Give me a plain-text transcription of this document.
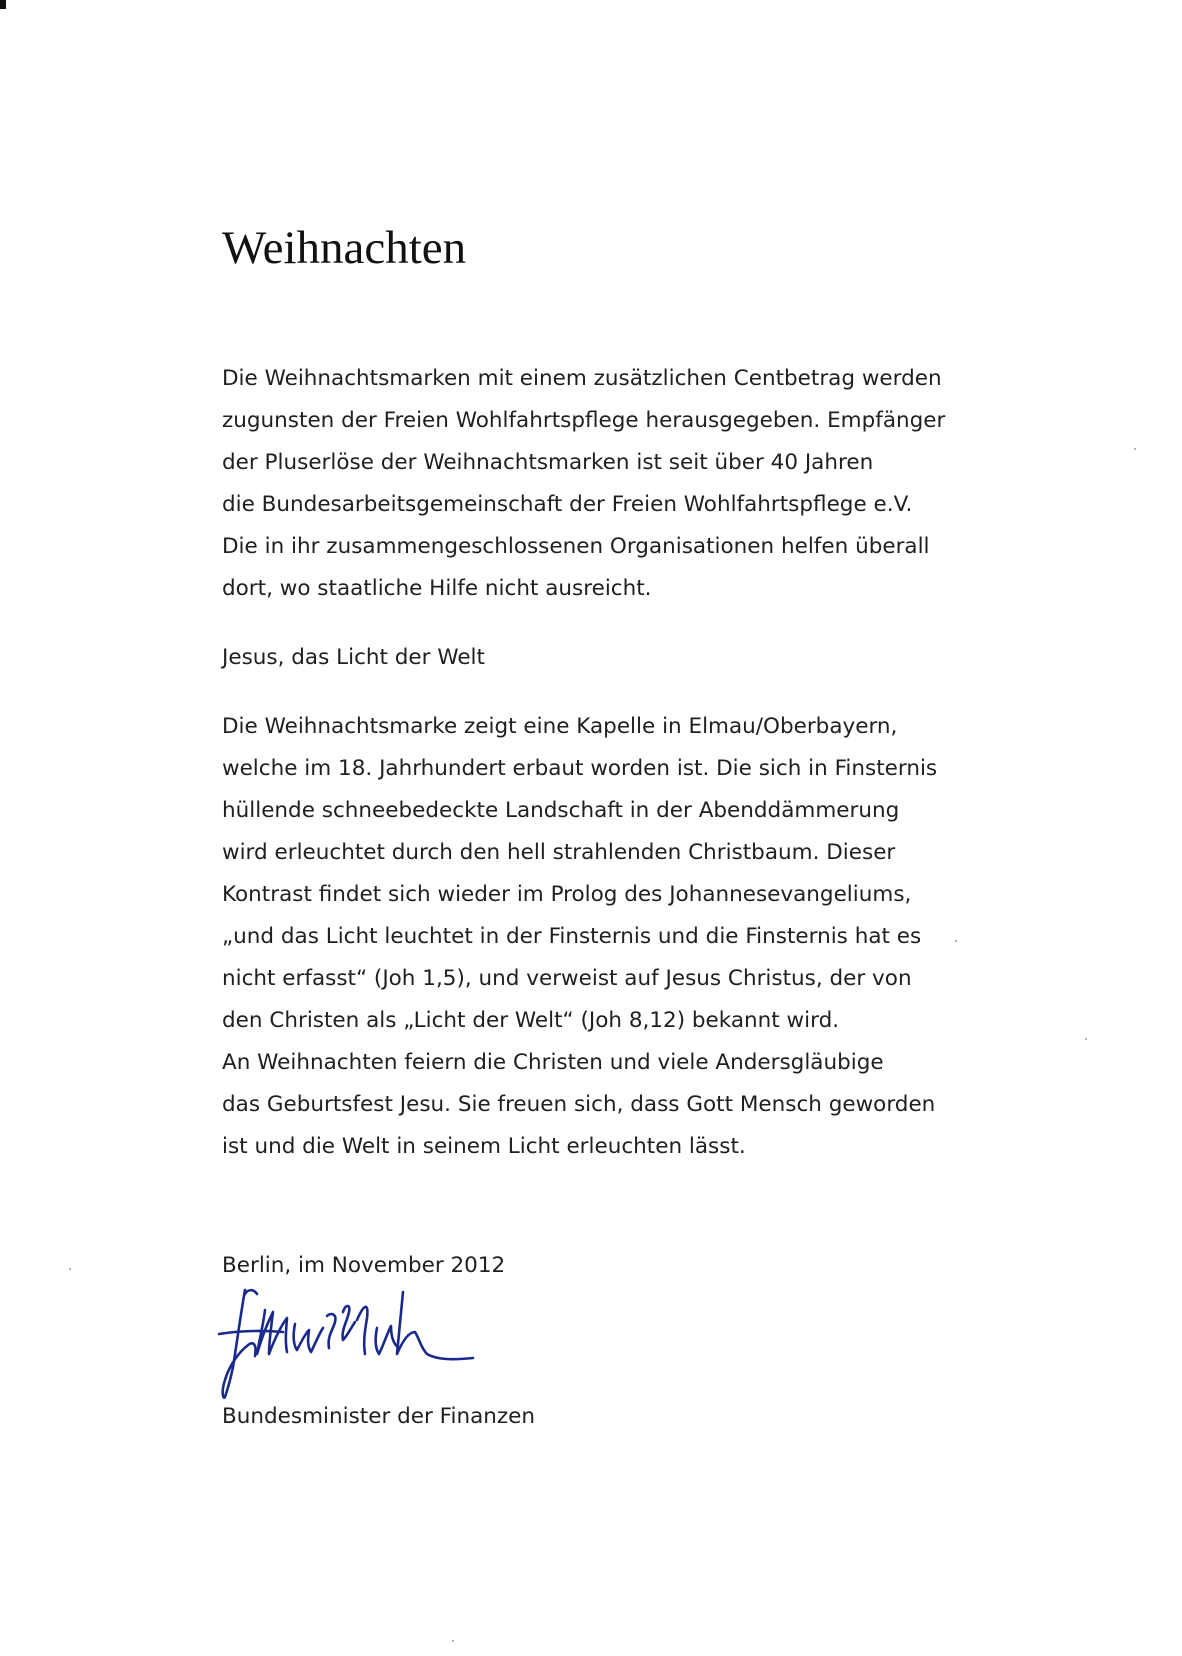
Weihnachten

Die Weihnachtsmarken mit einem zusätzlichen Centbetrag werden
zugunsten der Freien Wohlfahrtspflege herausgegeben. Empfänger
der Pluserlöse der Weihnachtsmarken ist seit über 40 Jahren
die Bundesarbeitsgemeinschaft der Freien Wohlfahrtspflege e.V.
Die in ihr zusammengeschlossenen Organisationen helfen überall
dort, wo staatliche Hilfe nicht ausreicht.

Jesus, das Licht der Welt

Die Weihnachtsmarke zeigt eine Kapelle in Elmau/Oberbayern,
welche im 18. Jahrhundert erbaut worden ist. Die sich in Finsternis
hüllende schneebedeckte Landschaft in der Abenddämmerung
wird erleuchtet durch den hell strahlenden Christbaum. Dieser
Kontrast findet sich wieder im Prolog des Johannesevangeliums,
„und das Licht leuchtet in der Finsternis und die Finsternis hat es
nicht erfasst“ (Joh 1,5), und verweist auf Jesus Christus, der von
den Christen als „Licht der Welt“ (Joh 8,12) bekannt wird.
An Weihnachten feiern die Christen und viele Andersgläubige
das Geburtsfest Jesu. Sie freuen sich, dass Gott Mensch geworden
ist und die Welt in seinem Licht erleuchten lässt.

Berlin, im November 2012

Bundesminister der Finanzen
